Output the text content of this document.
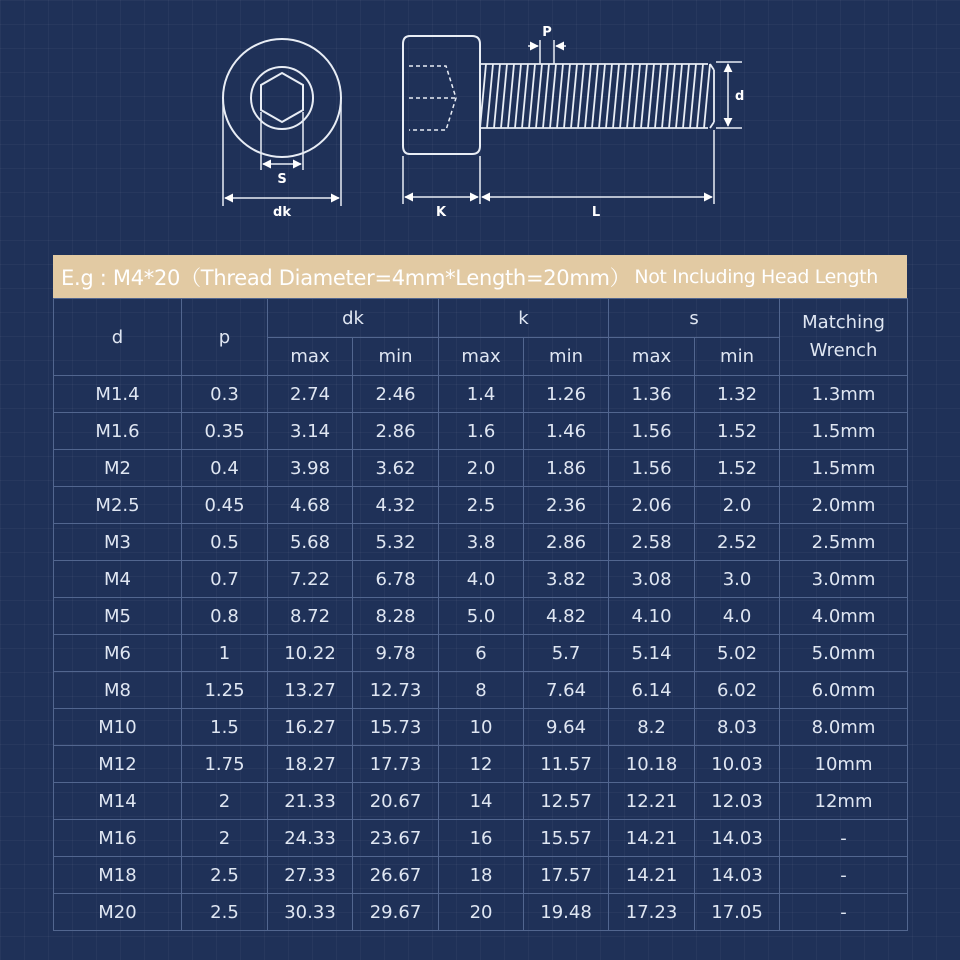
S
dk
P
d
K	L
E.g : M4*20（Thread Diameter=4mm*Length=20mm） Not Including Head Length
d	p	dk		k		s		Matching
Wrench

		max	min	max	min	max	min	
M1.4	0.3	2.74	2.46	1.4	1.26	1.36	1.32	1.3mm
M1.6	0.35	3.14	2.86	1.6	1.46	1.56	1.52	1.5mm
M2	0.4	3.98	3.62	2.0	1.86	1.56	1.52	1.5mm
M2.5	0.45	4.68	4.32	2.5	2.36	2.06	2.0	2.0mm
M3	0.5	5.68	5.32	3.8	2.86	2.58	2.52	2.5mm
M4	0.7	7.22	6.78	4.0	3.82	3.08	3.0	3.0mm
M5	0.8	8.72	8.28	5.0	4.82	4.10	4.0	4.0mm
M6	1	10.22	9.78	6	5.7	5.14	5.02	5.0mm
M8	1.25	13.27	12.73	8	7.64	6.14	6.02	6.0mm
M10	1.5	16.27	15.73	10	9.64	8.2	8.03	8.0mm
M12	1.75	18.27	17.73	12	11.57	10.18	10.03	10mm
M14	2	21.33	20.67	14	12.57	12.21	12.03	12mm
M16	2	24.33	23.67	16	15.57	14.21	14.03	-
M18	2.5	27.33	26.67	18	17.57	14.21	14.03	-
M20	2.5	30.33	29.67	20	19.48	17.23	17.05	-
